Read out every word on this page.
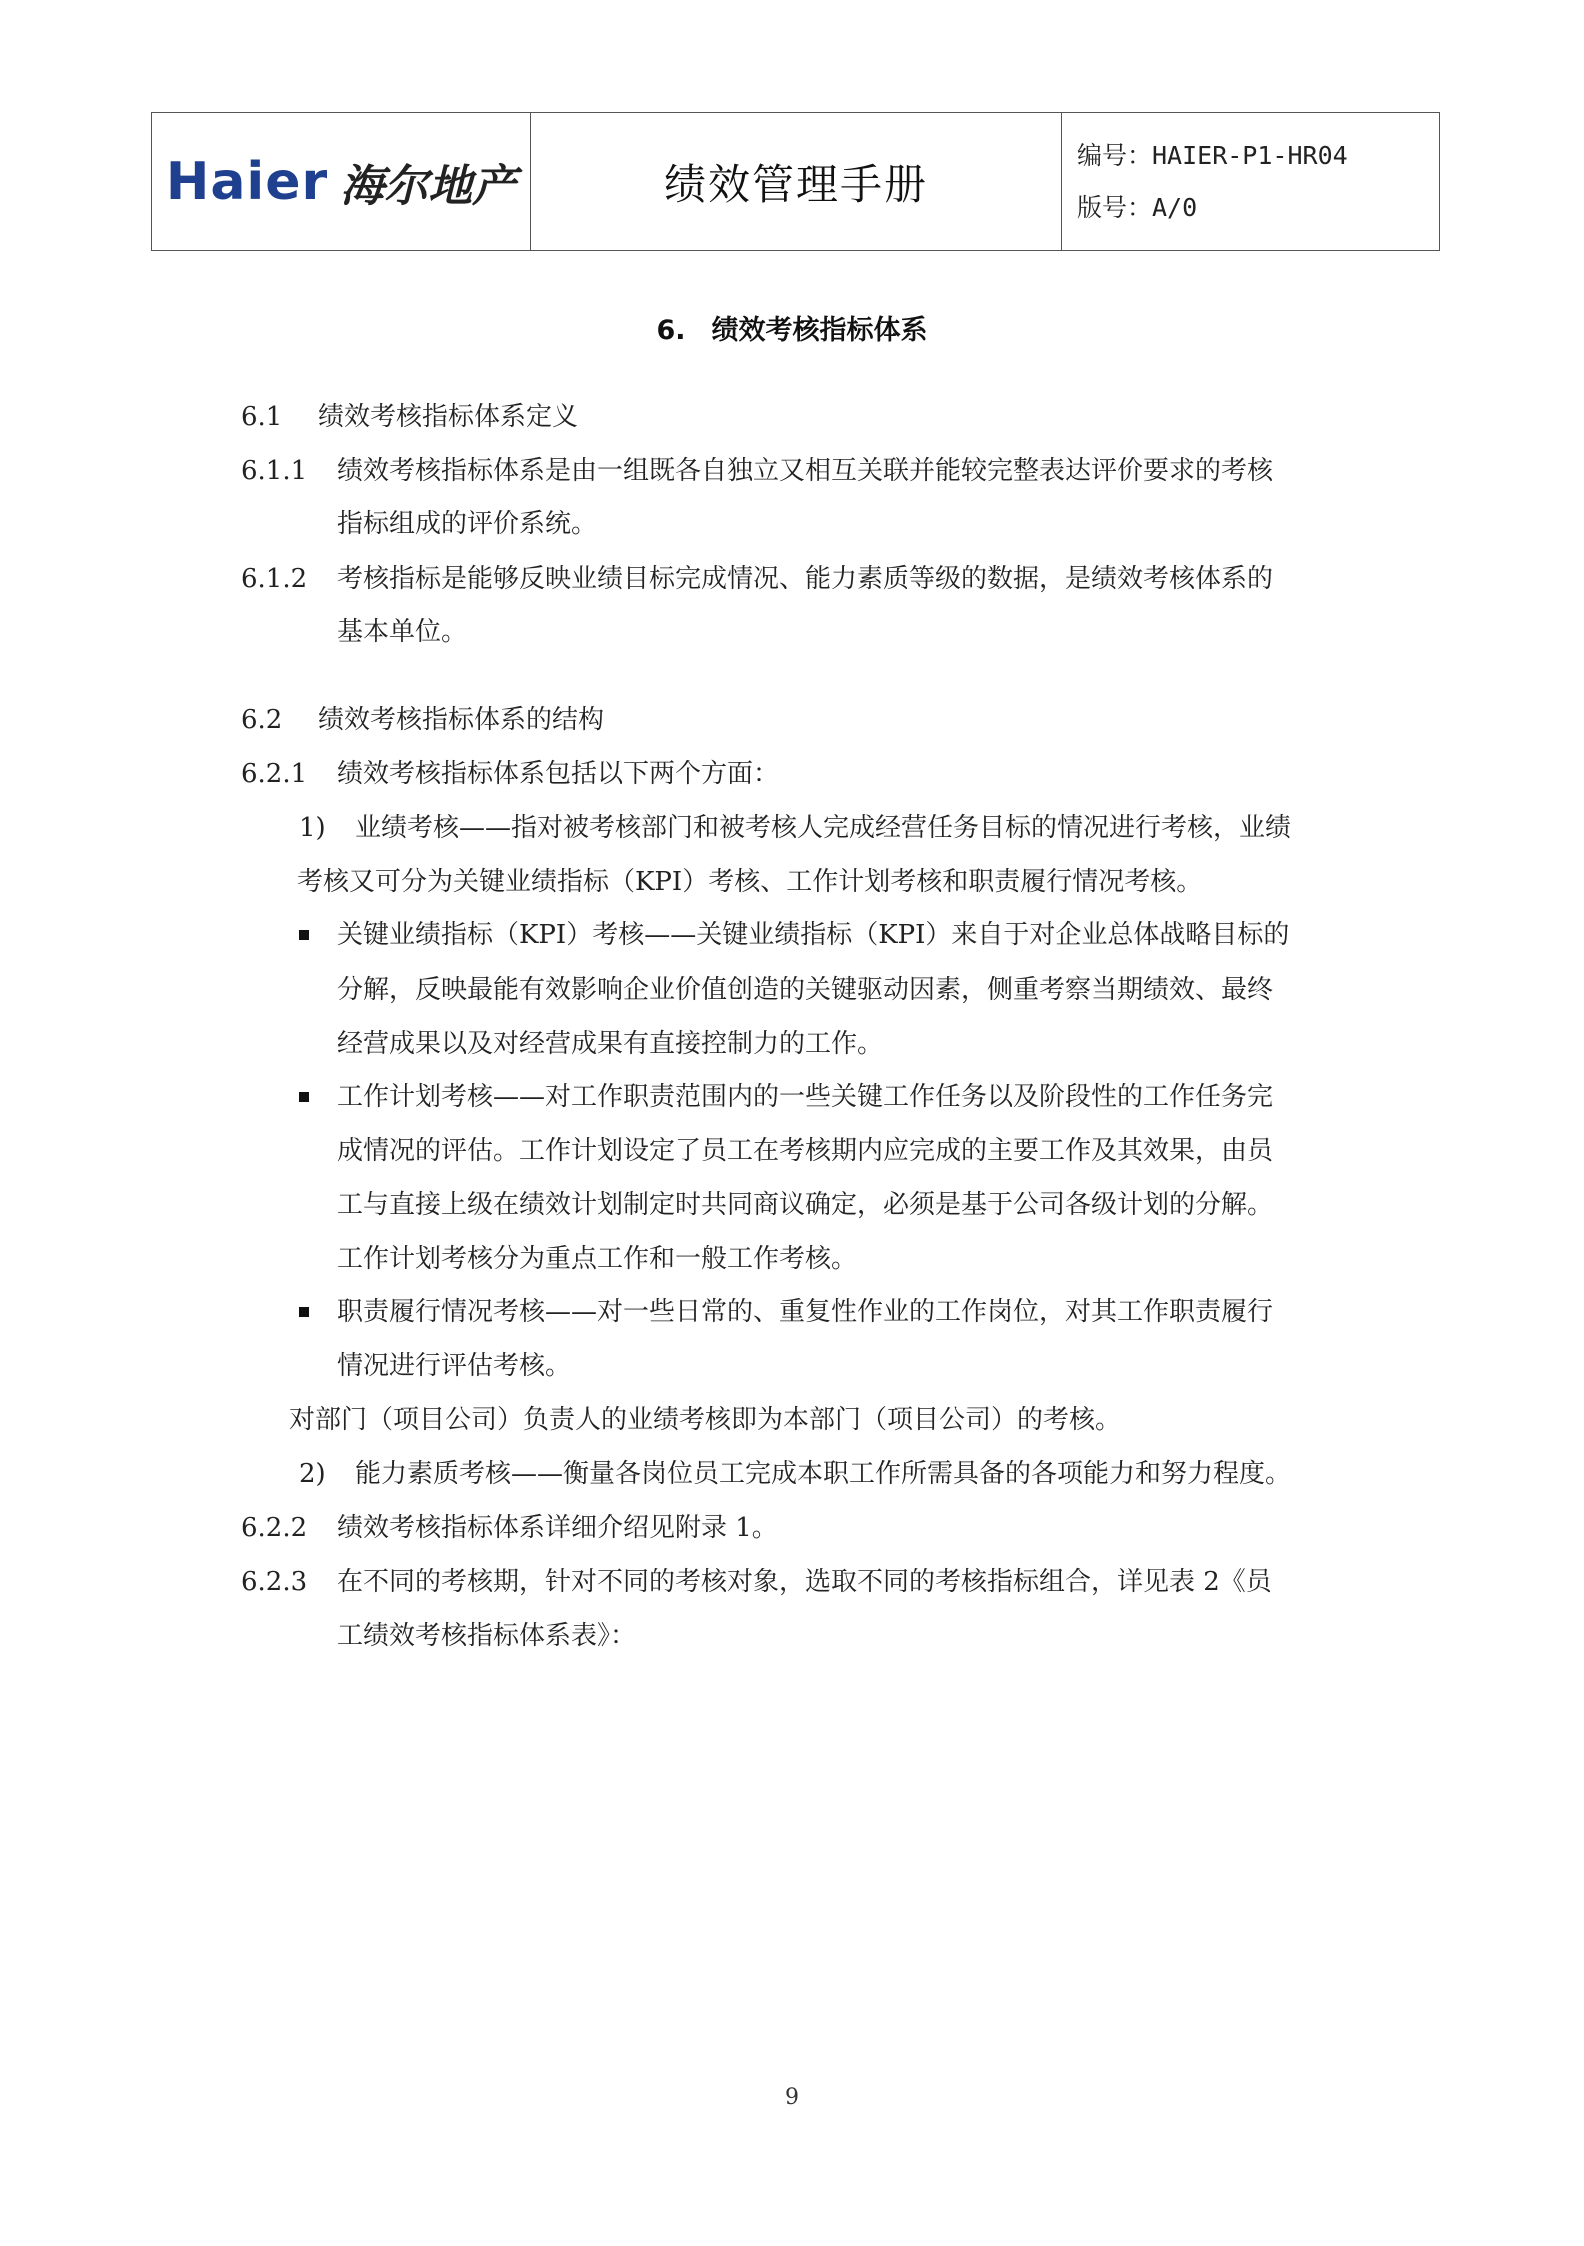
Haier 海尔地产	绩效管理手册
编号：HAIER-P1-HR04
版号：A/0
6. 绩效考核指标体系
6.1 绩效考核指标体系定义
6.1.1 绩效考核指标体系是由一组既各自独立又相互关联并能较完整表达评价要求的考核
指标组成的评价系统。
6.1.2 考核指标是能够反映业绩目标完成情况、能力素质等级的数据，是绩效考核体系的
基本单位。
6.2 绩效考核指标体系的结构
6.2.1 绩效考核指标体系包括以下两个方面：
1) 业绩考核——指对被考核部门和被考核人完成经营任务目标的情况进行考核，业绩
考核又可分为关键业绩指标（KPI）考核、工作计划考核和职责履行情况考核。
关键业绩指标（KPI）考核——关键业绩指标（KPI）来自于对企业总体战略目标的
分解，反映最能有效影响企业价值创造的关键驱动因素，侧重考察当期绩效、最终
经营成果以及对经营成果有直接控制力的工作。
工作计划考核——对工作职责范围内的一些关键工作任务以及阶段性的工作任务完
成情况的评估。工作计划设定了员工在考核期内应完成的主要工作及其效果，由员
工与直接上级在绩效计划制定时共同商议确定，必须是基于公司各级计划的分解。
工作计划考核分为重点工作和一般工作考核。
职责履行情况考核——对一些日常的、重复性作业的工作岗位，对其工作职责履行
情况进行评估考核。
对部门（项目公司）负责人的业绩考核即为本部门（项目公司）的考核。
2) 能力素质考核——衡量各岗位员工完成本职工作所需具备的各项能力和努力程度。
6.2.2 绩效考核指标体系详细介绍见附录 1。
6.2.3 在不同的考核期，针对不同的考核对象，选取不同的考核指标组合，详见表 2《员
工绩效考核指标体系表》：
9
